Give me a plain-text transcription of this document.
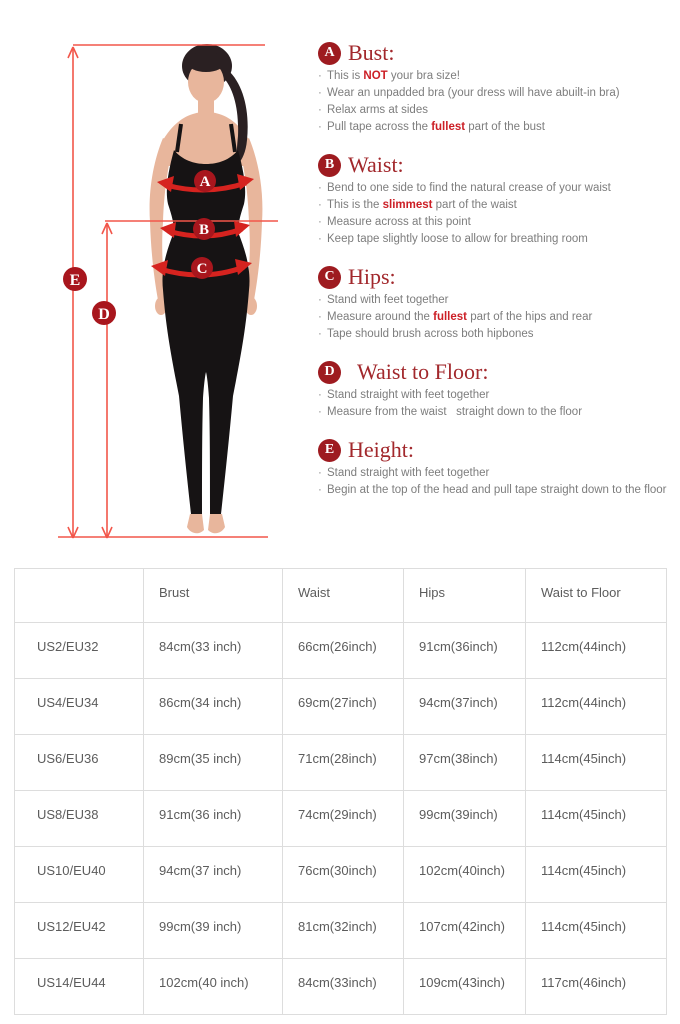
A
B
C
E
D
A Bust:
· This is NOT your bra size!
· Wear an unpadded bra (your dress will have abuilt-in bra)
· Relax arms at sides
· Pull tape across the fullest part of the bust
B Waist:
· Bend to one side to find the natural crease of your waist
· This is the slimmest part of the waist
· Measure across at this point
· Keep tape slightly loose to allow for breathing room
C Hips:
· Stand with feet together
· Measure around the fullest part of the hips and rear
· Tape should brush across both hipbones
D Waist to Floor:
· Stand straight with feet together
· Measure from the waist   straight down to the floor
E Height:
· Stand straight with feet together
· Begin at the top of the head and pull tape straight down to the floor
	Brust	Waist	Hips	Waist to Floor
US2/EU32	84cm(33 inch)	66cm(26inch)	91cm(36inch)	112cm(44inch)
US4/EU34	86cm(34 inch)	69cm(27inch)	94cm(37inch)	112cm(44inch)
US6/EU36	89cm(35 inch)	71cm(28inch)	97cm(38inch)	114cm(45inch)
US8/EU38	91cm(36 inch)	74cm(29inch)	99cm(39inch)	114cm(45inch)
US10/EU40	94cm(37 inch)	76cm(30inch)	102cm(40inch)	114cm(45inch)
US12/EU42	99cm(39 inch)	81cm(32inch)	107cm(42inch)	114cm(45inch)
US14/EU44	102cm(40 inch)	84cm(33inch)	109cm(43inch)	117cm(46inch)
